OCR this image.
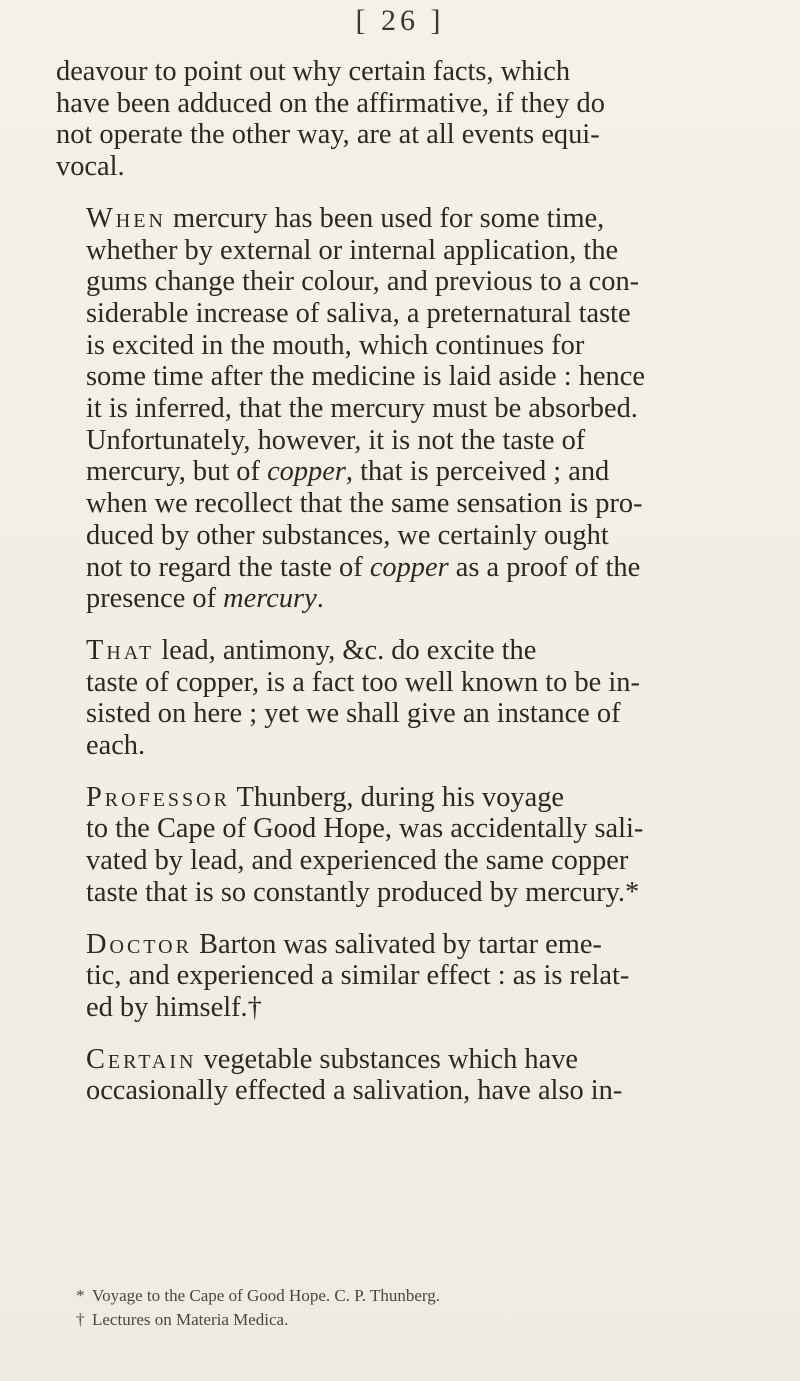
[ 26 ]

deavour to point out why certain facts, which
have been adduced on the affirmative, if they do
not operate the other way, are at all events equi-
vocal.

When mercury has been used for some time,
whether by external or internal application, the
gums change their colour, and previous to a con-
siderable increase of saliva, a preternatural taste
is excited in the mouth, which continues for
some time after the medicine is laid aside : hence
it is inferred, that the mercury must be absorbed.
Unfortunately, however, it is not the taste of
mercury, but of copper, that is perceived ; and
when we recollect that the same sensation is pro-
duced by other substances, we certainly ought
not to regard the taste of copper as a proof of the
presence of mercury.

That lead, antimony, &c. do excite the
taste of copper, is a fact too well known to be in-
sisted on here ; yet we shall give an instance of
each.

Professor Thunberg, during his voyage
to the Cape of Good Hope, was accidentally sali-
vated by lead, and experienced the same copper
taste that is so constantly produced by mercury.*

Doctor Barton was salivated by tartar eme-
tic, and experienced a similar effect : as is relat-
ed by himself.†

Certain vegetable substances which have
occasionally effected a salivation, have also in-

* Voyage to the Cape of Good Hope. C. P. Thunberg.
† Lectures on Materia Medica.
